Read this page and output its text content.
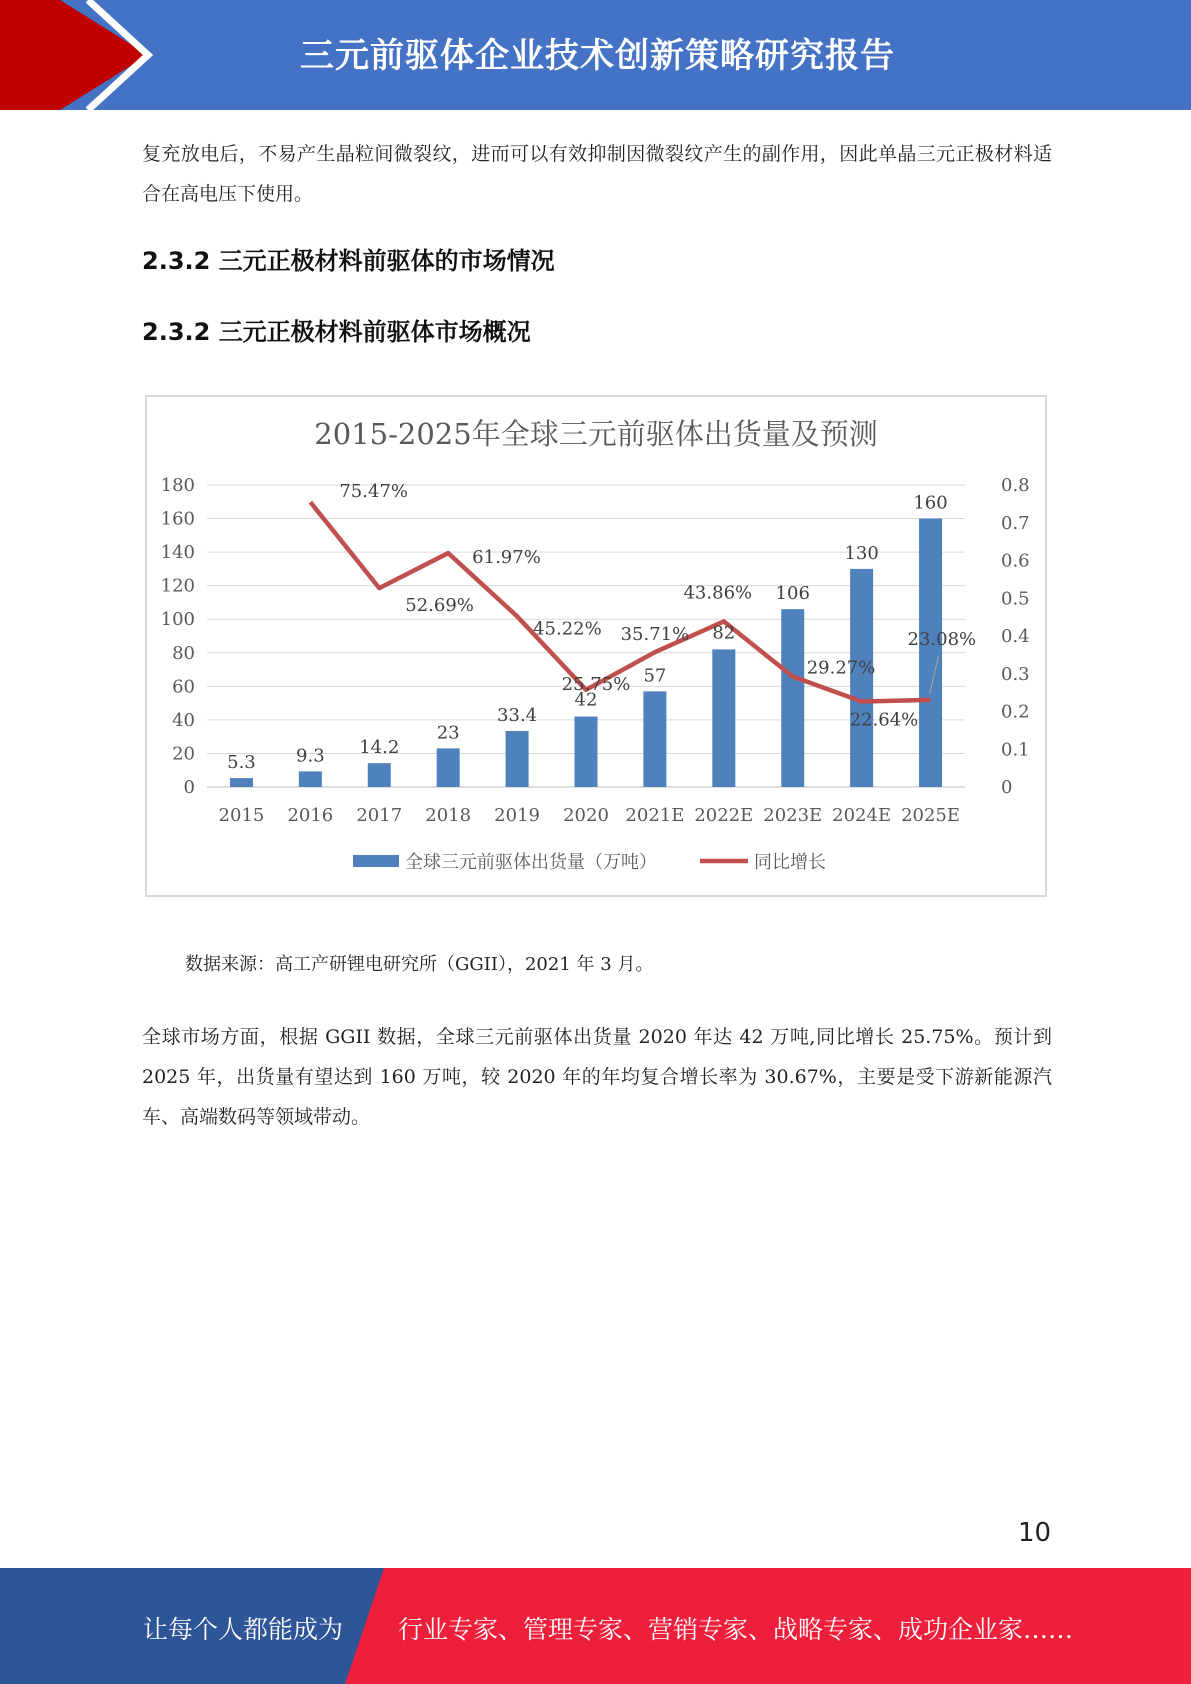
三元前驱体企业技术创新策略研究报告
复充放电后，不易产生晶粒间微裂纹，进而可以有效抑制因微裂纹产生的副作用，因此单晶三元正极材料适合在高电压下使用。
2.3.2 三元正极材料前驱体的市场情况
2.3.2 三元正极材料前驱体市场概况
2015-2025年全球三元前驱体出货量及预测
0
20
40
60
80
100
120
140
160
180
0
0.1
0.2
0.3
0.4
0.5
0.6
0.7
0.8
2015 2016 2017 2018 2019 2020 2021E 2022E 2023E 2024E 2025E
5.3 9.3 14.2
23
33.4
42
57
82
106
130
160
75.47%
52.69%
61.97%
45.22%
25.75%
35.71%
43.86%
29.27%
22.64%
23.08%
全球三元前驱体出货量（万吨）	同比增长
数据来源：高工产研锂电研究所（GGII），2021 年 3 月。
全球市场方面，根据 GGII 数据，全球三元前驱体出货量 2020 年达 42 万吨,同比增长 25.75%。预计到 2025 年，出货量有望达到 160 万吨，较 2020 年的年均复合增长率为 30.67%，主要是受下游新能源汽车、高端数码等领域带动。
10
让每个人都能成为 行业专家、管理专家、营销专家、战略专家、成功企业家……
